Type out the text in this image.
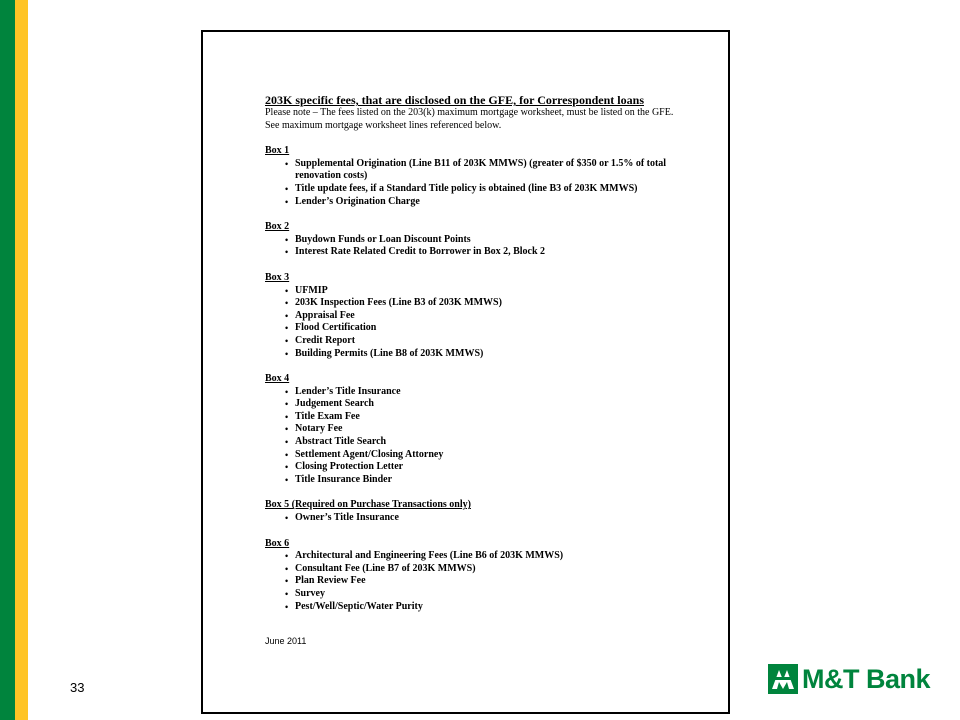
33
203K specific fees, that are disclosed on the GFE, for Correspondent loans

Please note – The fees listed on the 203(k) maximum mortgage worksheet, must be listed on the GFE. See maximum mortgage worksheet lines referenced below.

Box 1
• Supplemental Origination (Line B11 of 203K MMWS) (greater of $350 or 1.5% of total renovation costs)
• Title update fees, if a Standard Title policy is obtained (line B3 of 203K MMWS)
• Lender’s Origination Charge
Box 2
• Buydown Funds or Loan Discount Points
• Interest Rate Related Credit to Borrower in Box 2, Block 2
Box 3
• UFMIP
• 203K Inspection Fees (Line B3 of 203K MMWS)
• Appraisal Fee
• Flood Certification
• Credit Report
• Building Permits (Line B8 of 203K MMWS)
Box 4
• Lender’s Title Insurance
• Judgement Search
• Title Exam Fee
• Notary Fee
• Abstract Title Search
• Settlement Agent/Closing Attorney
• Closing Protection Letter
• Title Insurance Binder
Box 5 (Required on Purchase Transactions only)
• Owner’s Title Insurance
Box 6
• Architectural and Engineering Fees (Line B6 of 203K MMWS)
• Consultant Fee (Line B7 of 203K MMWS)
• Plan Review Fee
• Survey
• Pest/Well/Septic/Water Purity
June 2011
M&T Bank
